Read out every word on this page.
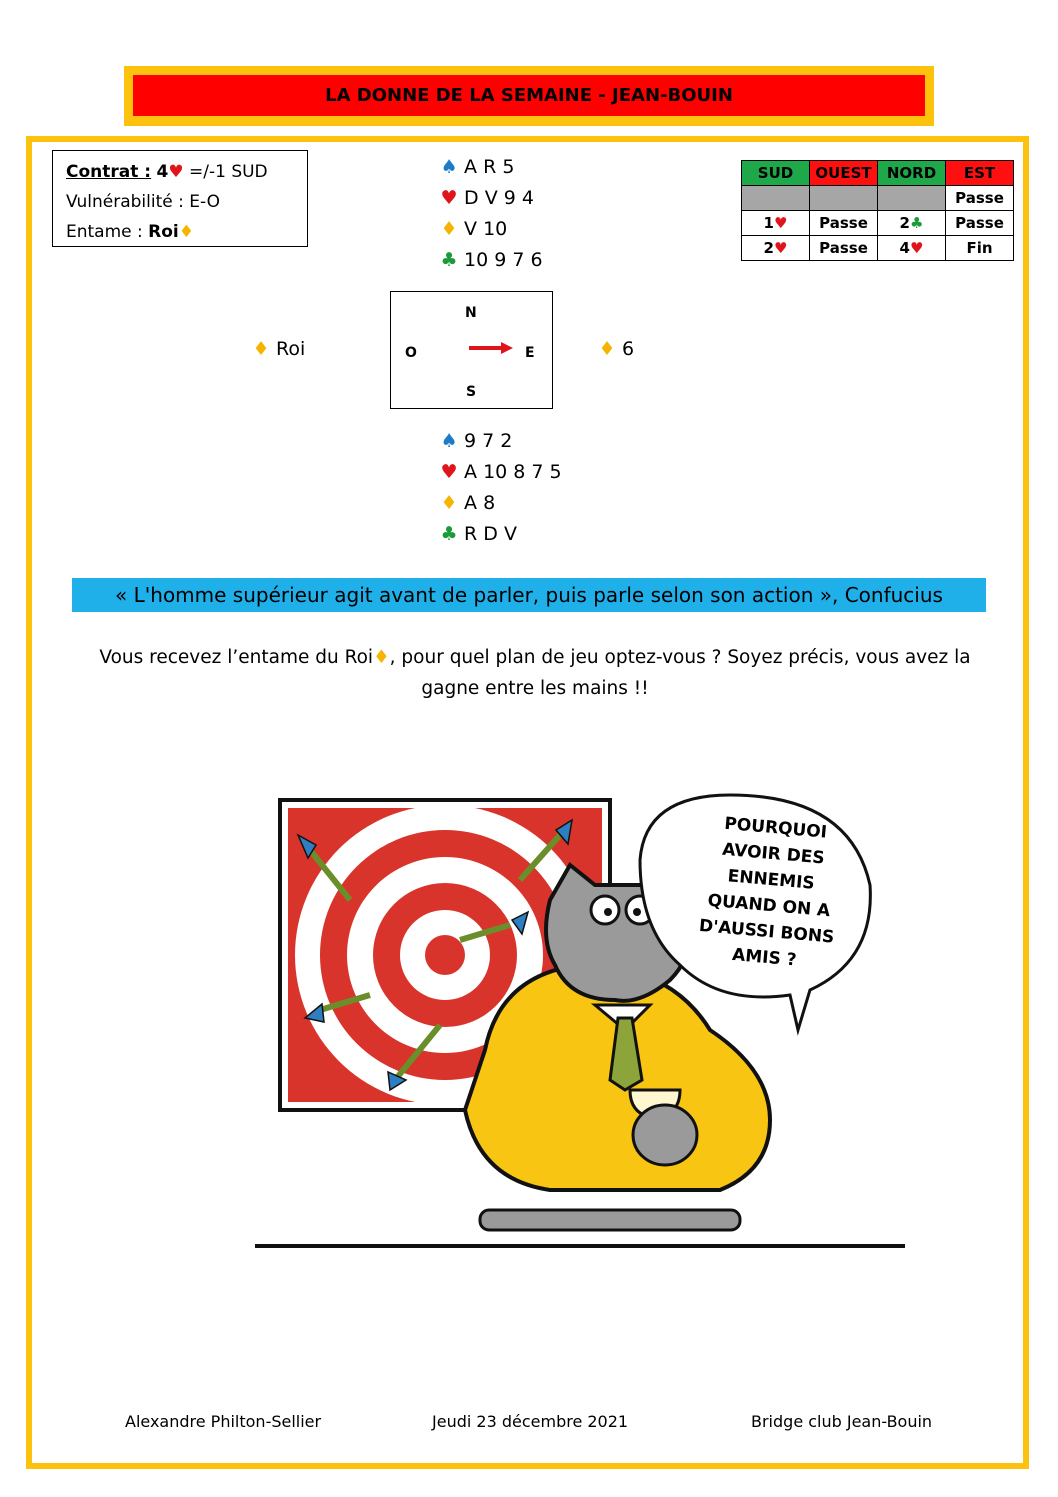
LA DONNE DE LA SEMAINE - JEAN-BOUIN
Contrat : 4♥ =/-1 SUD
Vulnérabilité : E-O
Entame : Roi♦
♠ A R 5
♥ D V 9 4
♦ V 10
♣ 10 9 7 6
♦ Roi
N
O	E
S
♦ 6
♠ 9 7 2
♥ A 10 8 7 5
♦ A 8
♣ R D V
SUD	OUEST	NORD	EST
			Passe
1♥	Passe	2♣	Passe
2♥	Passe	4♥	Fin
« L'homme supérieur agit avant de parler, puis parle selon son action », Confucius
Vous recevez l’entame du Roi♦, pour quel plan de jeu optez-vous ? Soyez précis, vous avez la gagne entre les mains !!
POURQUOI
AVOIR DES
ENNEMIS
QUAND ON A
D'AUSSI BONS
AMIS ?
Alexandre Philton-Sellier	Jeudi 23 décembre 2021	Bridge club Jean-Bouin
